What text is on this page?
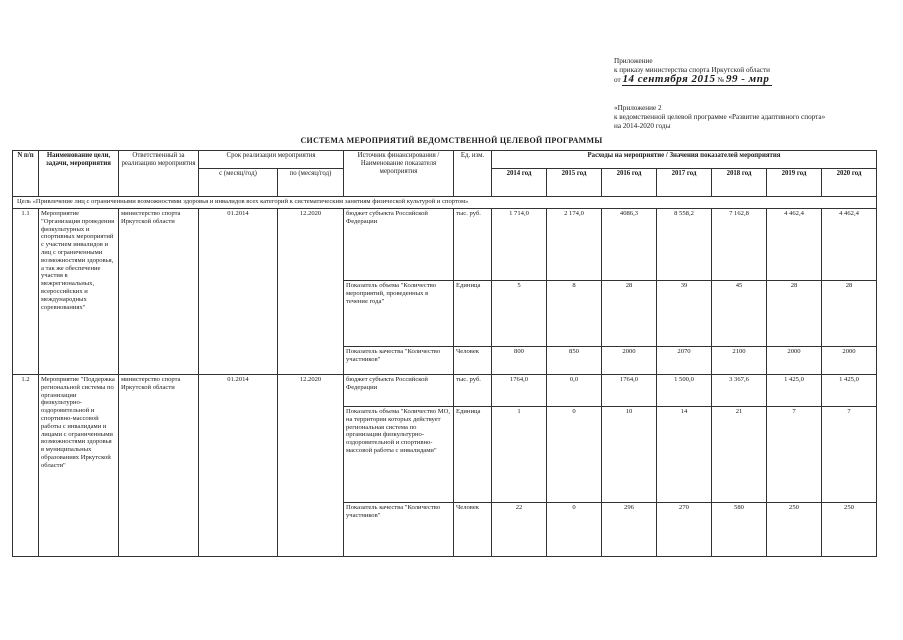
Приложение
к приказу министерства спорта Иркутской области
от 14 сентября 2015 № 99 - мпр
«Приложение 2
к ведомственной целевой программе «Развитие адаптивного спорта»
на 2014-2020 годы
СИСТЕМА МЕРОПРИЯТИЙ ВЕДОМСТВЕННОЙ ЦЕЛЕВОЙ ПРОГРАММЫ
N п/п	Наименование цели, задачи, мероприятия	Ответственный за реализацию мероприятия	Срок реализации мероприятия		Источник финансирования / Наименование показателя мероприятия	Ед. изм.	Расходы на мероприятие / Значения показателей мероприятия						
			с (месяц/год)	по (месяц/год)			2014 год	2015 год	2016 год	2017 год	2018 год	2019 год	2020 год
Цель «Привлечение лиц с ограниченными возможностями здоровья и инвалидов всех категорий к систематическим занятиям физической культурой и спортом»													
1.1	Мероприятие "Организация проведения физкультурных и спортивных мероприятий с участием инвалидов и лиц с ограниченными возможностями здоровья, а так же обеспечение участия в межрегиональных, всероссийских и международных соревнованиях"	министерство спорта Иркутской области	01.2014	12.2020	бюджет субъекта Российской Федерации	тыс. руб.	1 714,0	2 174,0	4086,3	8 558,2	7 162,8	4 462,4	4 462,4
					Показатель объема "Количество мероприятий, проведенных в течение года"	Единица	5	8	28	39	45	28	28
					Показатель качества "Количество участников"	Человек	800	850	2000	2070	2100	2000	2000
1.2	Мероприятие "Поддержка региональной системы по организации физкультурно-оздоровительной и спортивно-массовой работы с инвалидами и лицами с ограниченными возможностями здоровья в муниципальных образованиях Иркутской области"	министерство спорта Иркутской области	01.2014	12.2020	бюджет субъекта Российской Федерации	тыс. руб.	1764,0	0,0	1764,0	1 500,0	3 367,6	1 425,0	1 425,0
					Показатель объема "Количество МО, на территории которых действует региональная система по организации физкультурно-оздоровительной и спортивно-массовой работы с инвалидами"	Единица	1	0	10	14	21	7	7
					Показатель качества "Количество участников"	Человек	22	0	296	270	580	250	250
